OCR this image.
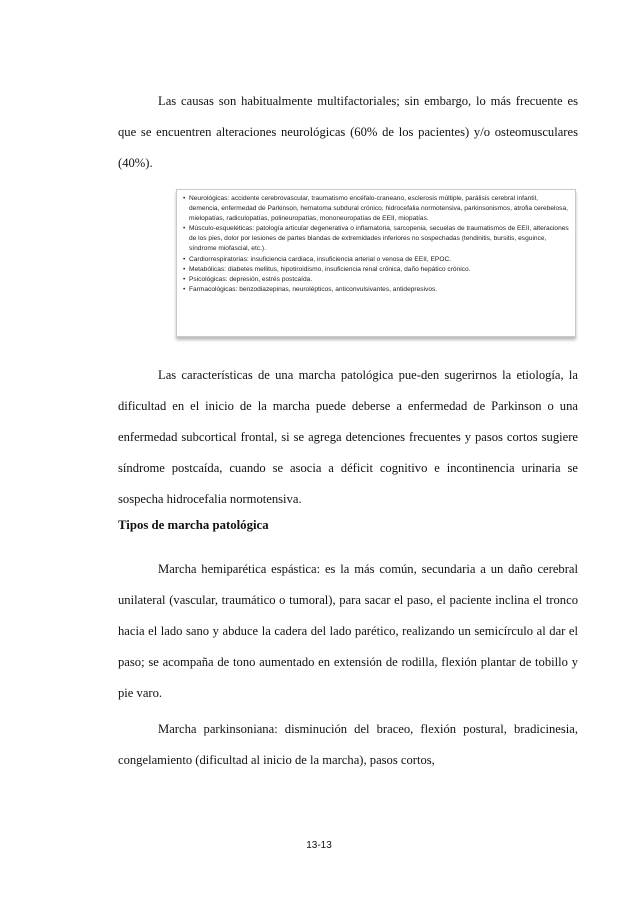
Las causas son habitualmente multifactoriales; sin embargo, lo más frecuente es que se encuentren alteraciones neurológicas (60% de los pacientes) y/o osteomusculares (40%).

• Neurológicas: accidente cerebrovascular, traumatismo encéfalo-craneano, esclerosis múltiple, parálisis cerebral infantil, demencia, enfermedad de Parkinson, hematoma subdural crónico, hidrocefalia normotensiva, parkinsonismos, atrofia cerebelosa, mielopatías, radiculopatías, polineuropatías, mononeuropatías de EEII, miopatías.
• Músculo-esqueléticas: patología articular degenerativa o inflamatoria, sarcopenia, secuelas de traumatismos de EEII, alteraciones de los pies, dolor por lesiones de partes blandas de extremidades inferiores no sospechadas (tendinitis, bursitis, esguince, síndrome miofascial, etc.).
• Cardiorrespiratorias: insuficiencia cardiaca, insuficiencia arterial o venosa de EEII, EPOC.
• Metabólicas: diabetes mellitus, hipotiroidismo, insuficiencia renal crónica, daño hepático crónico.
• Psicológicas: depresión, estrés postcaída.
• Farmacológicas: benzodiazepinas, neurolépticos, anticonvulsivantes, antidepresivos.

Las características de una marcha patológica pue-den sugerirnos la etiología, la dificultad en el inicio de la marcha puede deberse a enfermedad de Parkinson o una enfermedad subcortical frontal, si se agrega detenciones frecuentes y pasos cortos sugiere síndrome postcaída, cuando se asocia a déficit cognitivo e incontinencia urinaria se sospecha hidrocefalia normotensiva.

Tipos de marcha patológica

Marcha hemiparética espástica: es la más común, secundaria a un daño cerebral unilateral (vascular, traumático o tumoral), para sacar el paso, el paciente inclina el tronco hacia el lado sano y abduce la cadera del lado parético, realizando un semicírculo al dar el paso; se acompaña de tono aumentado en extensión de rodilla, flexión plantar de tobillo y pie varo.

Marcha parkinsoniana: disminución del braceo, flexión postural, bradicinesia, congelamiento (dificultad al inicio de la marcha), pasos cortos,

13-13
